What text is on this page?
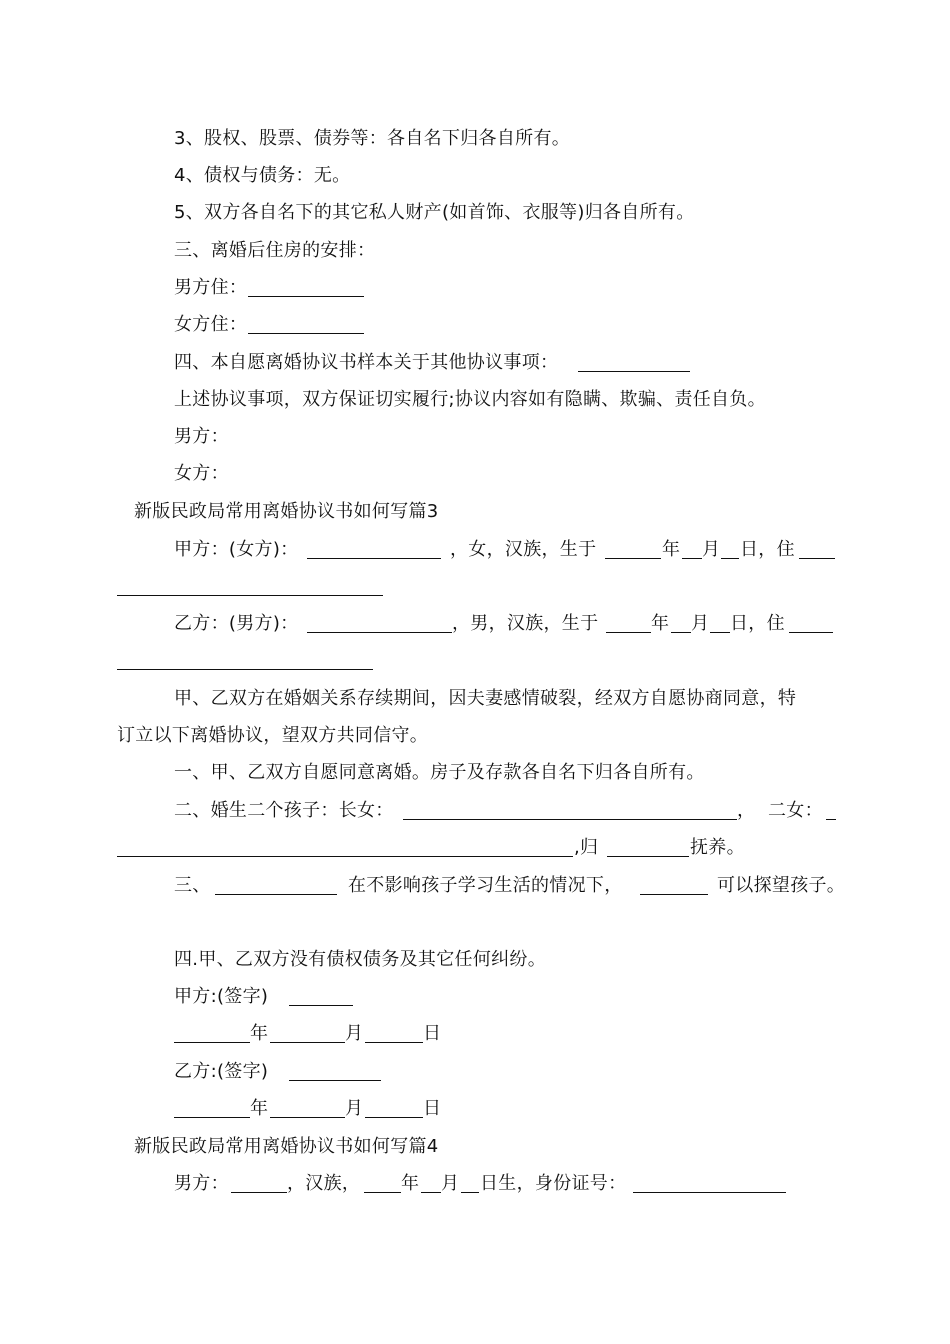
3、股权、股票、债券等：各自名下归各自所有。
4、债权与债务：无。
5、双方各自名下的其它私人财产(如首饰、衣服等)归各自所有。
三、离婚后住房的安排：
男方住：
女方住：
四、本自愿离婚协议书样本关于其他协议事项：
上述协议事项，双方保证切实履行;协议内容如有隐瞒、欺骗、责任自负。
男方：
女方：
新版民政局常用离婚协议书如何写篇3
甲方：(女方)：	，女，汉族，生于	年 月 日，住
乙方：(男方)：	，男，汉族，生于	年 月 日，住
甲、乙双方在婚姻关系存续期间，因夫妻感情破裂，经双方自愿协商同意，特
订立以下离婚协议，望双方共同信守。
一、甲、乙双方自愿同意离婚。房子及存款各自名下归各自所有。
二、婚生二个孩子：长女：	， 二女：
,归	抚养。
三、	在不影响孩子学习生活的情况下，	可以探望孩子。
四.甲、乙双方没有债权债务及其它任何纠纷。
甲方:(签字)
年	月	日
乙方:(签字)
年	月	日
新版民政局常用离婚协议书如何写篇4
男方：	，汉族， 年 月 日生，身份证号：
